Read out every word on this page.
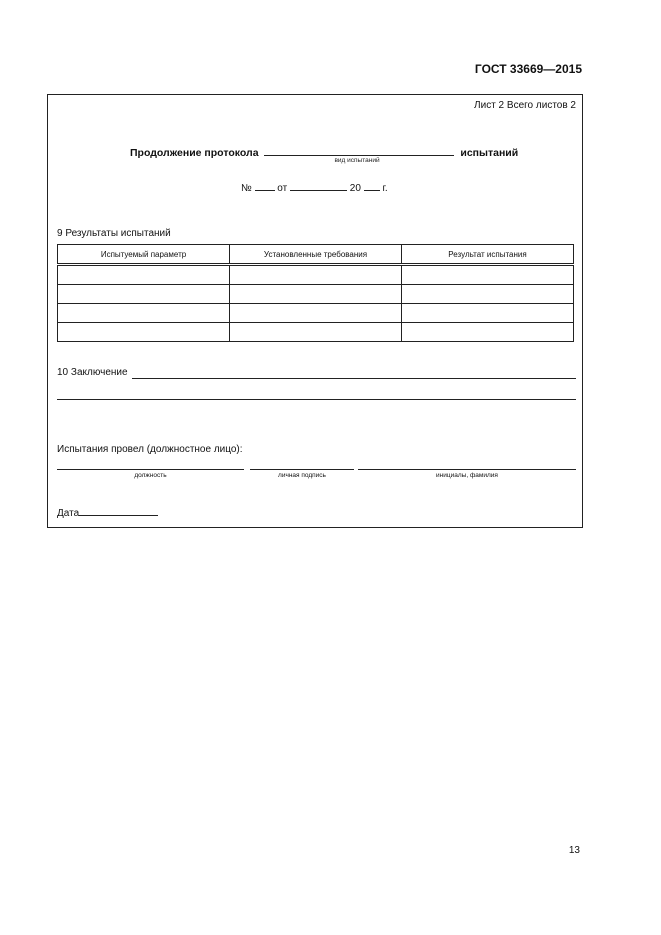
ГОСТ 33669—2015
Лист 2 Всего листов 2
Продолжение протокола
вид испытаний
испытаний
№	от	20 г.
9 Результаты испытаний
Испытуемый параметр	Установленные требования	Результат испытания

10 Заключение
Испытания провел (должностное лицо):
должность	личная подпись	инициалы, фамилия
Дата
13
